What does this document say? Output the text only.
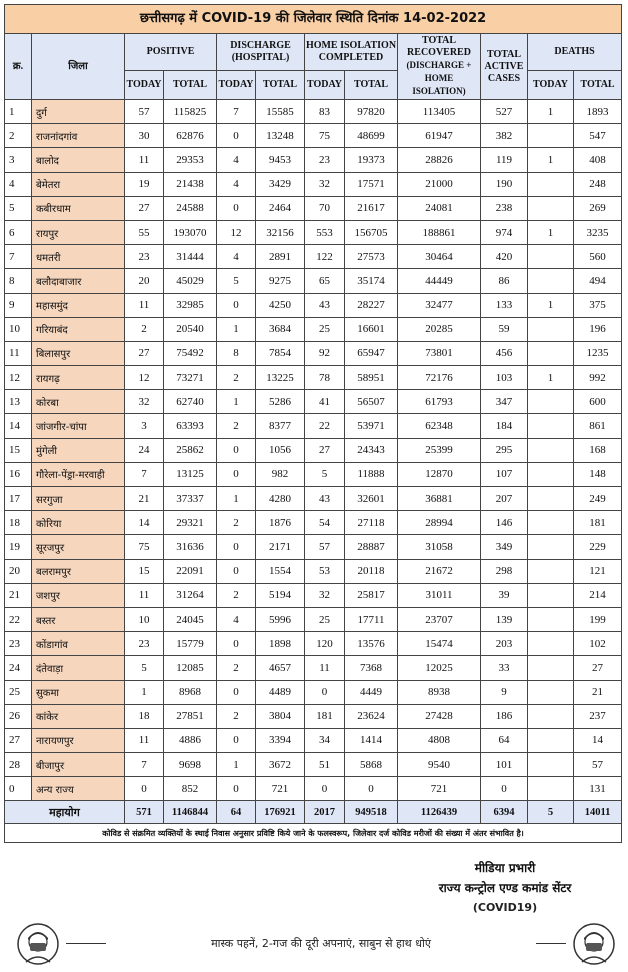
छत्तीसगढ़ में COVID-19 की जिलेवार स्थिति दिनांक 14-02-2022											
क्र.	जिला	POSITIVE		DISCHARGE (HOSPITAL)		HOME ISOLATION COMPLETED		TOTAL RECOVERED
(DISCHARGE + HOME ISOLATION)	TOTAL ACTIVE CASES	DEATHS	
		TODAY	TOTAL	TODAY	TOTAL	TODAY	TOTAL			TODAY	TOTAL
1	दुर्ग	57	115825	7	15585	83	97820	113405	527	1	1893
2	राजनांदगांव	30	62876	0	13248	75	48699	61947	382		547
3	बालोद	11	29353	4	9453	23	19373	28826	119	1	408
4	बेमेतरा	19	21438	4	3429	32	17571	21000	190		248
5	कबीरधाम	27	24588	0	2464	70	21617	24081	238		269
6	रायपुर	55	193070	12	32156	553	156705	188861	974	1	3235
7	धमतरी	23	31444	4	2891	122	27573	30464	420		560
8	बलौदाबाजार	20	45029	5	9275	65	35174	44449	86		494
9	महासमुंद	11	32985	0	4250	43	28227	32477	133	1	375
10	गरियाबंद	2	20540	1	3684	25	16601	20285	59		196
11	बिलासपुर	27	75492	8	7854	92	65947	73801	456		1235
12	रायगढ़	12	73271	2	13225	78	58951	72176	103	1	992
13	कोरबा	32	62740	1	5286	41	56507	61793	347		600
14	जांजगीर-चांपा	3	63393	2	8377	22	53971	62348	184		861
15	मुंगेली	24	25862	0	1056	27	24343	25399	295		168
16	गौरेला-पेंड्रा-मरवाही	7	13125	0	982	5	11888	12870	107		148
17	सरगुजा	21	37337	1	4280	43	32601	36881	207		249
18	कोरिया	14	29321	2	1876	54	27118	28994	146		181
19	सूरजपुर	75	31636	0	2171	57	28887	31058	349		229
20	बलरामपुर	15	22091	0	1554	53	20118	21672	298		121
21	जशपुर	11	31264	2	5194	32	25817	31011	39		214
22	बस्तर	10	24045	4	5996	25	17711	23707	139		199
23	कोंडागांव	23	15779	0	1898	120	13576	15474	203		102
24	दंतेवाड़ा	5	12085	2	4657	11	7368	12025	33		27
25	सुकमा	1	8968	0	4489	0	4449	8938	9		21
26	कांकेर	18	27851	2	3804	181	23624	27428	186		237
27	नारायणपुर	11	4886	0	3394	34	1414	4808	64		14
28	बीजापुर	7	9698	1	3672	51	5868	9540	101		57
0	अन्य राज्य	0	852	0	721	0	0	721	0		131
महायोग		571	1146844	64	176921	2017	949518	1126439	6394	5	14011
कोविड से संक्रमित व्यक्तियों के स्थाई निवास अनुसार प्रविष्टि किये जाने के फलस्वरूप, जिलेवार दर्ज कोविड मरीजों की संख्या में अंतर संभावित है।											
मीडिया प्रभारी
राज्य कन्ट्रोल एण्ड कमांड सेंटर
(COVID19)
मास्क पहनें, 2-गज की दूरी अपनाएं, साबुन से हाथ धोएं
